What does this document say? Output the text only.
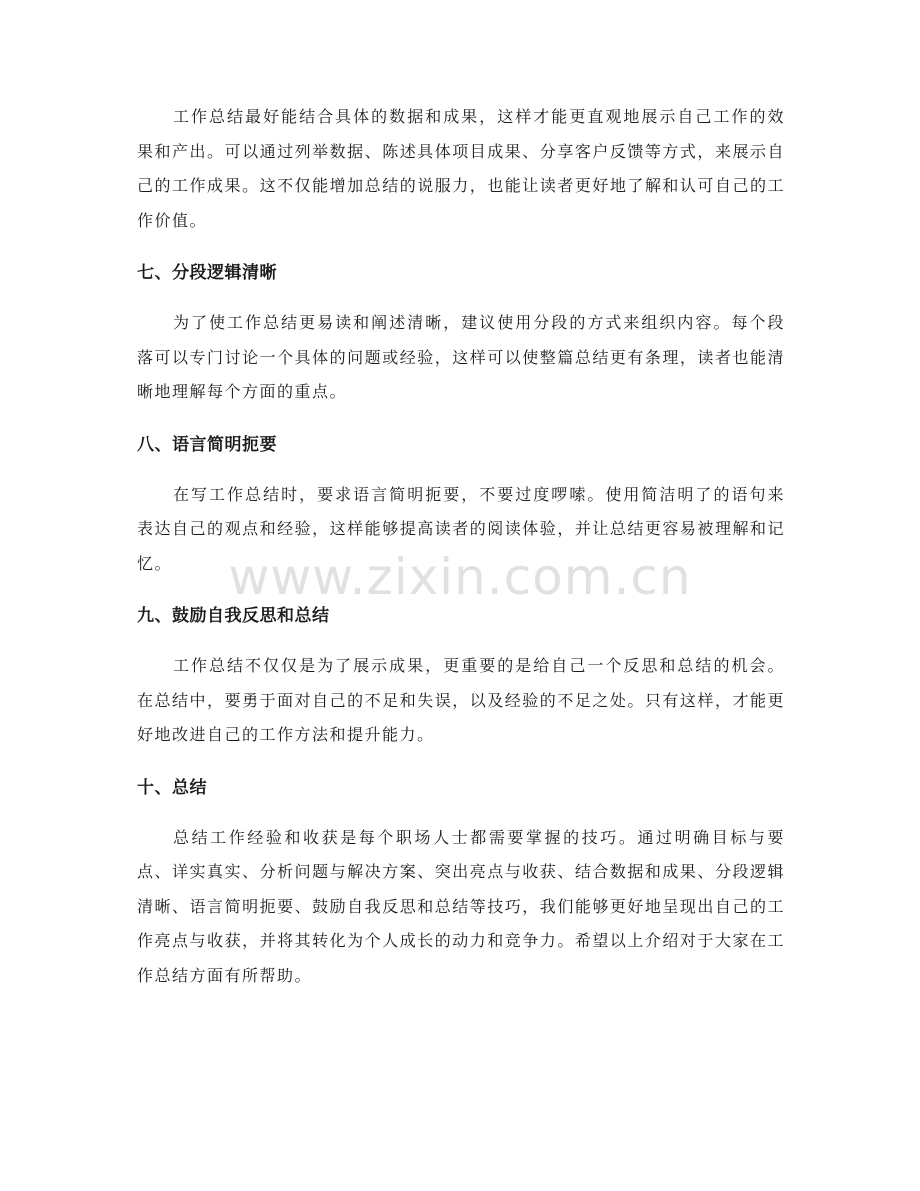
工作总结最好能结合具体的数据和成果，这样才能更直观地展示自己工作的效果和产出。可以通过列举数据、陈述具体项目成果、分享客户反馈等方式，来展示自己的工作成果。这不仅能增加总结的说服力，也能让读者更好地了解和认可自己的工作价值。

七、分段逻辑清晰

为了使工作总结更易读和阐述清晰，建议使用分段的方式来组织内容。每个段落可以专门讨论一个具体的问题或经验，这样可以使整篇总结更有条理，读者也能清晰地理解每个方面的重点。

八、语言简明扼要

在写工作总结时，要求语言简明扼要，不要过度啰嗦。使用简洁明了的语句来表达自己的观点和经验，这样能够提高读者的阅读体验，并让总结更容易被理解和记忆。

九、鼓励自我反思和总结

工作总结不仅仅是为了展示成果，更重要的是给自己一个反思和总结的机会。在总结中，要勇于面对自己的不足和失误，以及经验的不足之处。只有这样，才能更好地改进自己的工作方法和提升能力。

十、总结

总结工作经验和收获是每个职场人士都需要掌握的技巧。通过明确目标与要点、详实真实、分析问题与解决方案、突出亮点与收获、结合数据和成果、分段逻辑清晰、语言简明扼要、鼓励自我反思和总结等技巧，我们能够更好地呈现出自己的工作亮点与收获，并将其转化为个人成长的动力和竞争力。希望以上介绍对于大家在工作总结方面有所帮助。

www.zixin.com.cn
